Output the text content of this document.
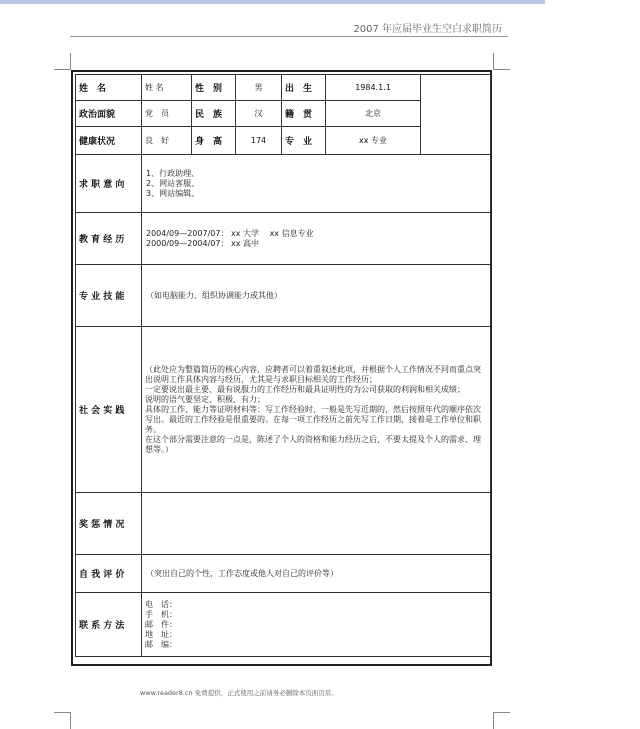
2007 年应届毕业生空白求职简历
姓　名	姓 名	性　别	男	出　生	1984.1.1	
政治面貌	党　员	民　族	汉	籍　贯	北京	
健康状况	良　好	身　高	174	专　业	xx 专业	
求 职 意 向	1、行政助理、

2、网站客服、

3、网站编辑、					

教 育 经 历	2004/09—2007/07： xx 大学　 xx 信息专业

2000/09—2004/07： xx 高中					

专 业 技 能	（如电脑能力、组织协调能力或其他）					
社 会 实 践	（此处应为整篇简历的核心内容，应聘者可以着重叙述此项，并根据个人工作情况不同而重点突出说明工作具体内容与经历，尤其是与求职目标相关的工作经历；

一定要说出最主要、最有说服力的工作经历和最具证明性的为公司获取的利润和相关成绩；

说明的语气要坚定、积极、有力；

具体的工作、能力等证明材料等：写工作经验时，一般是先写近期的，然后按照年代的顺序依次写出。最近的工作经验是很重要的。在每一项工作经历之前先写工作日期，接着是工作单位和职务。

在这个部分需要注意的一点是，陈述了个人的资格和能力经历之后，不要太提及个人的需求、理想等。）					

奖 惩 情 况						
自 我 评 价	（突出自己的个性，工作态度或他人对自己的评价等）					
联 系 方 法	电　话：

手　机：

邮　件：

地　址：

邮　编：					

www.reader8.cn 免费提供，正式使用之前请务必删除本页面页眉。
